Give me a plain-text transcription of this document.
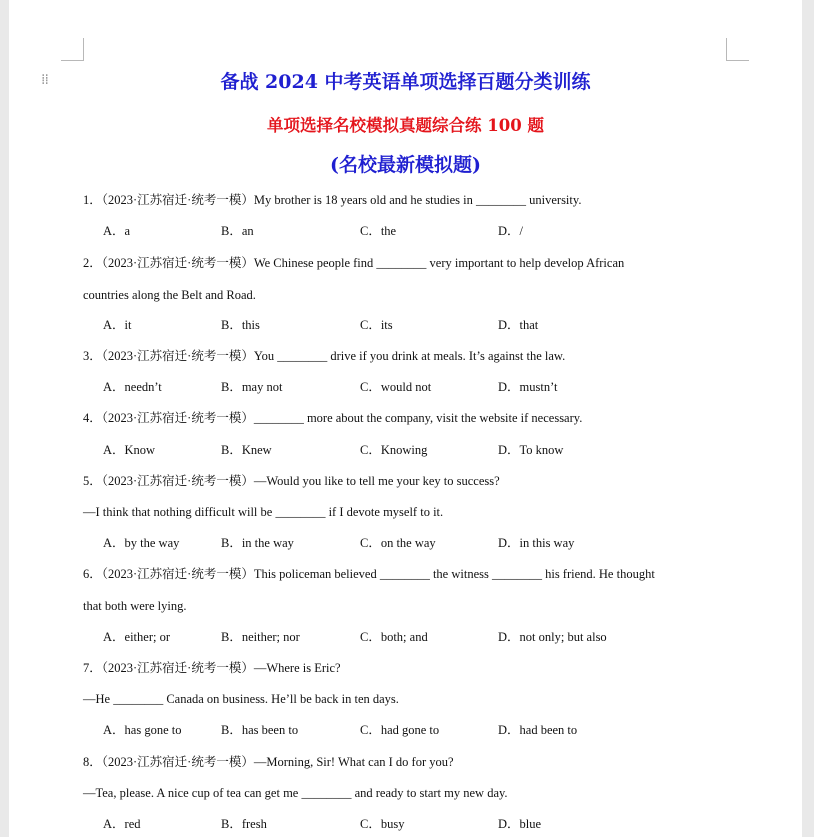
⁞⁞	备战 2024 中考英语单项选择百题分类训练
单项选择名校模拟真题综合练 100 题
(名校最新模拟题)
1．（2023·江苏宿迁·统考一模）My brother is 18 years old and he studies in ________ university.
A．a	B．an	C．the	D．/
2．（2023·江苏宿迁·统考一模）We Chinese people find ________ very important to help develop African
countries along the Belt and Road.
A．it	B．this	C．its	D．that
3．（2023·江苏宿迁·统考一模）You ________ drive if you drink at meals. It’s against the law.
A．needn’t	B．may not	C．would not	D．mustn’t
4．（2023·江苏宿迁·统考一模）________ more about the company, visit the website if necessary.
A．Know	B．Knew	C．Knowing	D．To know
5．（2023·江苏宿迁·统考一模）—Would you like to tell me your key to success?
—I think that nothing difficult will be ________ if I devote myself to it.
A．by the way	B．in the way	C．on the way	D．in this way
6．（2023·江苏宿迁·统考一模）This policeman believed ________ the witness ________ his friend. He thought
that both were lying.
A．either; or	B．neither; nor	C．both; and	D．not only; but also
7．（2023·江苏宿迁·统考一模）—Where is Eric?
—He ________ Canada on business. He’ll be back in ten days.
A．has gone to	B．has been to	C．had gone to	D．had been to
8．（2023·江苏宿迁·统考一模）—Morning, Sir! What can I do for you?
—Tea, please. A nice cup of tea can get me ________ and ready to start my new day.
A．red	B．fresh	C．busy	D．blue
